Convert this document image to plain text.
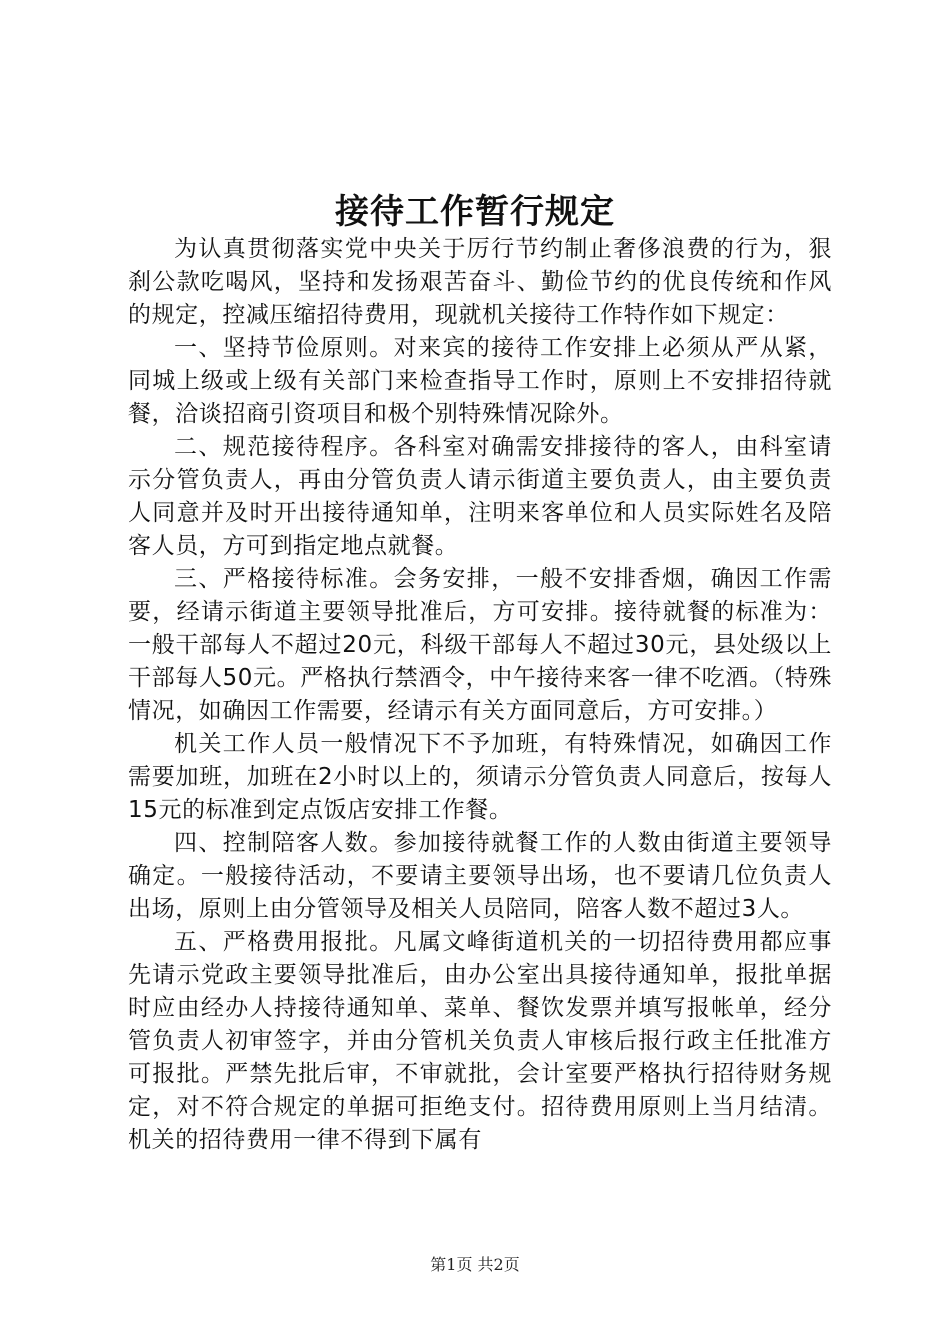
接待工作暂行规定

为认真贯彻落实党中央关于厉行节约制止奢侈浪费的行为，狠刹公款吃喝风，坚持和发扬艰苦奋斗、勤俭节约的优良传统和作风的规定，控减压缩招待费用，现就机关接待工作特作如下规定：

一、坚持节俭原则。对来宾的接待工作安排上必须从严从紧，同城上级或上级有关部门来检查指导工作时，原则上不安排招待就餐，洽谈招商引资项目和极个别特殊情况除外。

二、规范接待程序。各科室对确需安排接待的客人，由科室请示分管负责人，再由分管负责人请示街道主要负责人，由主要负责人同意并及时开出接待通知单，注明来客单位和人员实际姓名及陪客人员，方可到指定地点就餐。

三、严格接待标准。会务安排，一般不安排香烟，确因工作需要，经请示街道主要领导批准后，方可安排。接待就餐的标准为：一般干部每人不超过20元，科级干部每人不超过30元，县处级以上干部每人50元。严格执行禁酒令，中午接待来客一律不吃酒。（特殊情况，如确因工作需要，经请示有关方面同意后，方可安排。）

机关工作人员一般情况下不予加班，有特殊情况，如确因工作需要加班，加班在2小时以上的，须请示分管负责人同意后，按每人15元的标准到定点饭店安排工作餐。

四、控制陪客人数。参加接待就餐工作的人数由街道主要领导确定。一般接待活动，不要请主要领导出场，也不要请几位负责人出场，原则上由分管领导及相关人员陪同，陪客人数不超过3人。

五、严格费用报批。凡属文峰街道机关的一切招待费用都应事先请示党政主要领导批准后，由办公室出具接待通知单，报批单据时应由经办人持接待通知单、菜单、餐饮发票并填写报帐单，经分管负责人初审签字，并由分管机关负责人审核后报行政主任批准方可报批。严禁先批后审，不审就批，会计室要严格执行招待财务规定，对不符合规定的单据可拒绝支付。招待费用原则上当月结清。机关的招待费用一律不得到下属有

第1页 共2页
